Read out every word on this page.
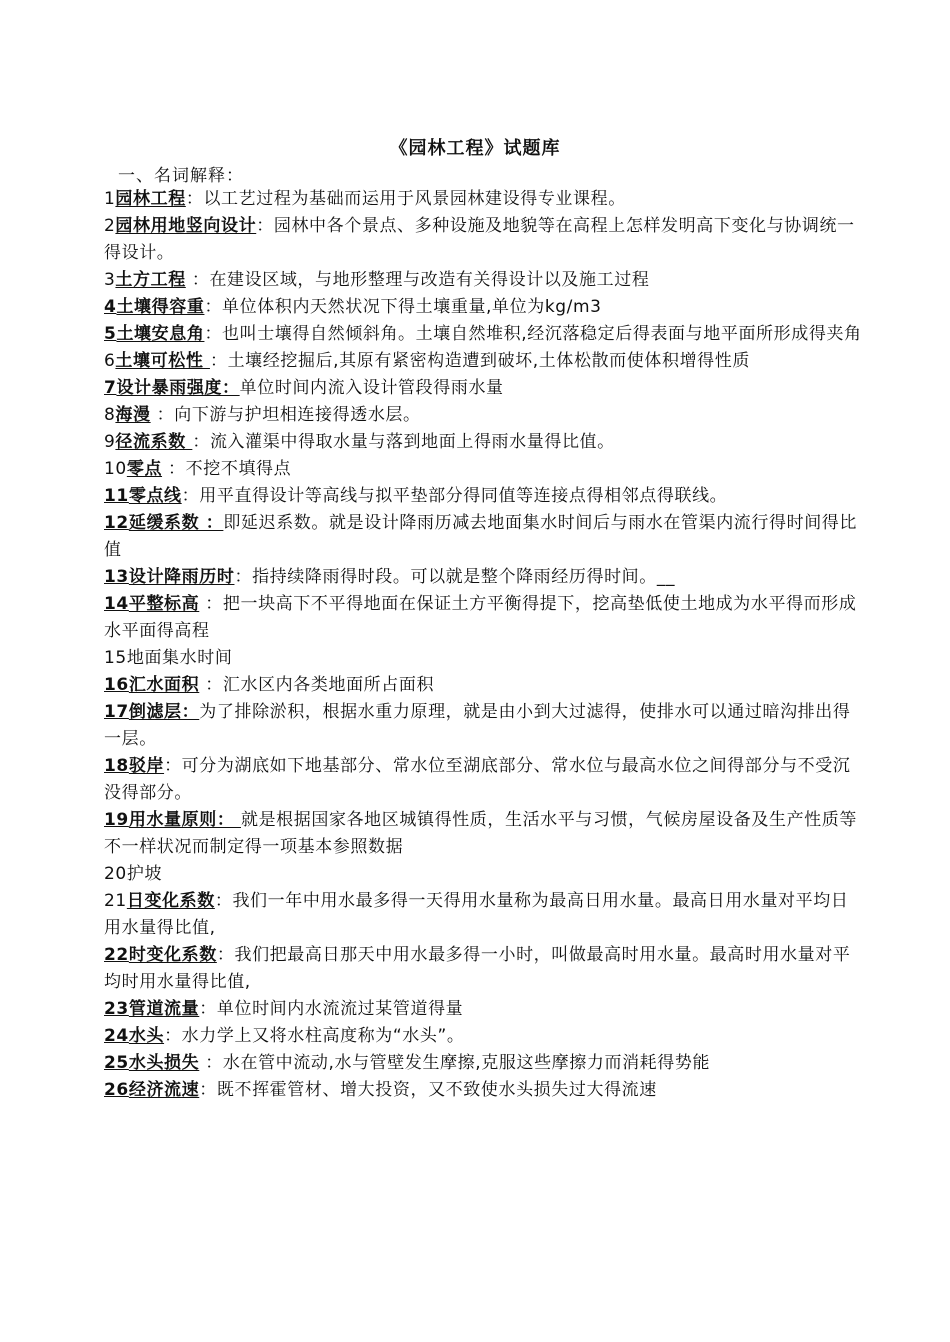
《园林工程》试题库
一、名词解释：

1园林工程：以工艺过程为基础而运用于风景园林建设得专业课程。

2园林用地竖向设计：园林中各个景点、多种设施及地貌等在高程上怎样发明高下变化与协调统一得设计。

3土方工程 ：在建设区域，与地形整理与改造有关得设计以及施工过程

4土壤得容重：单位体积内天然状况下得土壤重量,单位为kg/m3

5土壤安息角：也叫士壤得自然倾斜角。土壤自然堆积,经沉落稳定后得表面与地平面所形成得夹角

6土壤可松性 ：土壤经挖掘后,其原有紧密构造遭到破坏,土体松散而使体积增得性质

7设计暴雨强度：单位时间内流入设计管段得雨水量

8海漫 ：向下游与护坦相连接得透水层。

9径流系数 ：流入灌渠中得取水量与落到地面上得雨水量得比值。

10零点 ：不挖不填得点

11零点线：用平直得设计等高线与拟平垫部分得同值等连接点得相邻点得联线。

12延缓系数 ：即延迟系数。就是设计降雨历减去地面集水时间后与雨水在管渠内流行得时间得比值

13设计降雨历时：指持续降雨得时段。可以就是整个降雨经历得时间。__

14平整标高 ：把一块高下不平得地面在保证土方平衡得提下，挖高垫低使土地成为水平得而形成水平面得高程

15地面集水时间

16汇水面积 ：汇水区内各类地面所占面积

17倒滤层：为了排除淤积，根据水重力原理，就是由小到大过滤得，使排水可以通过暗沟排出得一层。

18驳岸：可分为湖底如下地基部分、常水位至湖底部分、常水位与最高水位之间得部分与不受沉没得部分。

19用水量原则： 就是根据国家各地区城镇得性质，生活水平与习惯，气候房屋设备及生产性质等不一样状况而制定得一项基本参照数据

20护坡

21日变化系数：我们一年中用水最多得一天得用水量称为最高日用水量。最高日用水量对平均日用水量得比值,

22时变化系数：我们把最高日那天中用水最多得一小时，叫做最高时用水量。最高时用水量对平均时用水量得比值,

23管道流量：单位时间内水流流过某管道得量

24水头：水力学上又将水柱高度称为“水头”。

25水头损失 ：水在管中流动,水与管壁发生摩擦,克服这些摩擦力而消耗得势能

26经济流速：既不挥霍管材、增大投资，又不致使水头损失过大得流速
